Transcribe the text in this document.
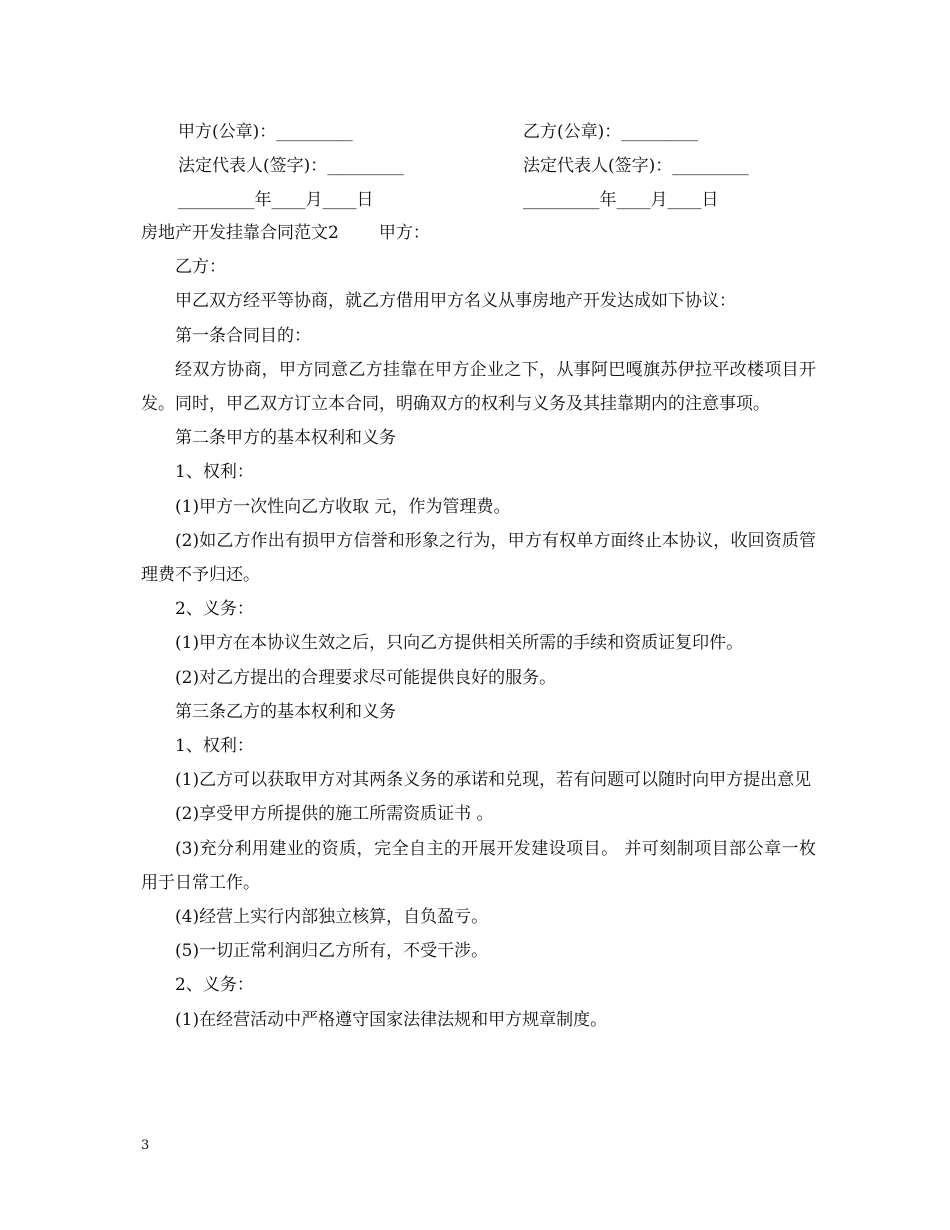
甲方(公章)：_________	乙方(公章)：_________
法定代表人(签字)：_________	法定代表人(签字)：_________
_________年____月____日	_________年____月____日

房地产开发挂靠合同范文2 甲方：

乙方：

甲乙双方经平等协商，就乙方借用甲方名义从事房地产开发达成如下协议：

第一条合同目的：

经双方协商，甲方同意乙方挂靠在甲方企业之下，从事阿巴嘎旗苏伊拉平改楼项目开发。同时，甲乙双方订立本合同，明确双方的权利与义务及其挂靠期内的注意事项。

第二条甲方的基本权利和义务

1、权利：

(1)甲方一次性向乙方收取 元，作为管理费。

(2)如乙方作出有损甲方信誉和形象之行为，甲方有权单方面终止本协议，收回资质管理费不予归还。

2、义务：

(1)甲方在本协议生效之后，只向乙方提供相关所需的手续和资质证复印件。

(2)对乙方提出的合理要求尽可能提供良好的服务。

第三条乙方的基本权利和义务

1、权利：

(1)乙方可以获取甲方对其两条义务的承诺和兑现，若有问题可以随时向甲方提出意见

(2)享受甲方所提供的施工所需资质证书 。

(3)充分利用建业的资质，完全自主的开展开发建设项目。 并可刻制项目部公章一枚用于日常工作。

(4)经营上实行内部独立核算，自负盈亏。

(5)一切正常利润归乙方所有，不受干涉。

2、义务：

(1)在经营活动中严格遵守国家法律法规和甲方规章制度。

3
